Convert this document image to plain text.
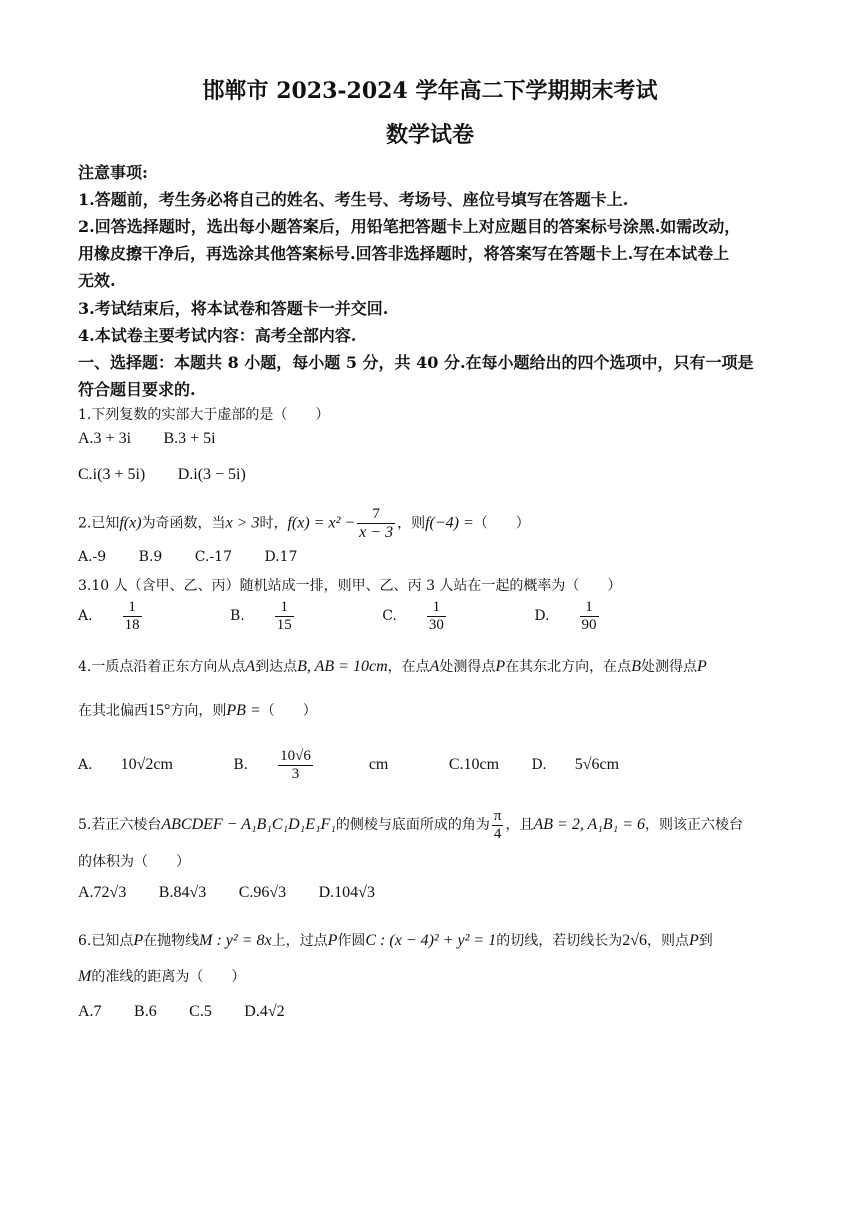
邯郸市 2023-2024 学年高二下学期期末考试
数学试卷
注意事项:
1.答题前，考生务必将自己的姓名、考生号、考场号、座位号填写在答题卡上.
2.回答选择题时，选出每小题答案后，用铅笔把答题卡上对应题目的答案标号涂黑.如需改动，
用橡皮擦干净后，再选涂其他答案标号.回答非选择题时，将答案写在答题卡上.写在本试卷上
无效.
3.考试结束后，将本试卷和答题卡一并交回.
4.本试卷主要考试内容：高考全部内容.
一、选择题：本题共 8 小题，每小题 5 分，共 40 分.在每小题给出的四个选项中，只有一项是
符合题目要求的.
1.下列复数的实部大于虚部的是（　　）
A.3 + 3i B.3 + 5i
C.i(3 + 5i) D.i(3 − 5i)
2.已知f(x)为奇函数，当x > 3时，$f(x) = x^2 - \frac{7}{x - 3}$ ，则f(−4) =（　　）
A.-9 B.9 C.-17 D.17
3.10 人（含甲、乙、丙）随机站成一排，则甲、乙、丙 3 人站在一起的概率为（　　）
A. $\frac{1}{18}$	B. $\frac{1}{15}$	C. $\frac{1}{30}$	D. $\frac{1}{90}$
4.一质点沿着正东方向从点A到达点B, AB = 10cm，在点A处测得点P在其东北方向，在点B处测得点P
在其北偏西15°方向，则PB =（　　）
A. 10√2cm	B. $\frac{10√6}{3}$ cm	C.10cm D. 5√6cm
5.若正六棱台ABCDEF − A₁B₁C₁D₁E₁F₁的侧棱与底面所成的角为 $\frac{\pi}{4}$ ，且AB = 2, A₁B₁ = 6，则该正六棱台
的体积为（　　）
A.72√3 B.84√3 C.96√3 D.104√3
6.已知点P在抛物线M : y² = 8x上，过点P作圆C : (x − 4)² + y² = 1的切线，若切线长为2√6，则点P到
M的准线的距离为（　　）
A.7 B.6 C.5 D.4√2
